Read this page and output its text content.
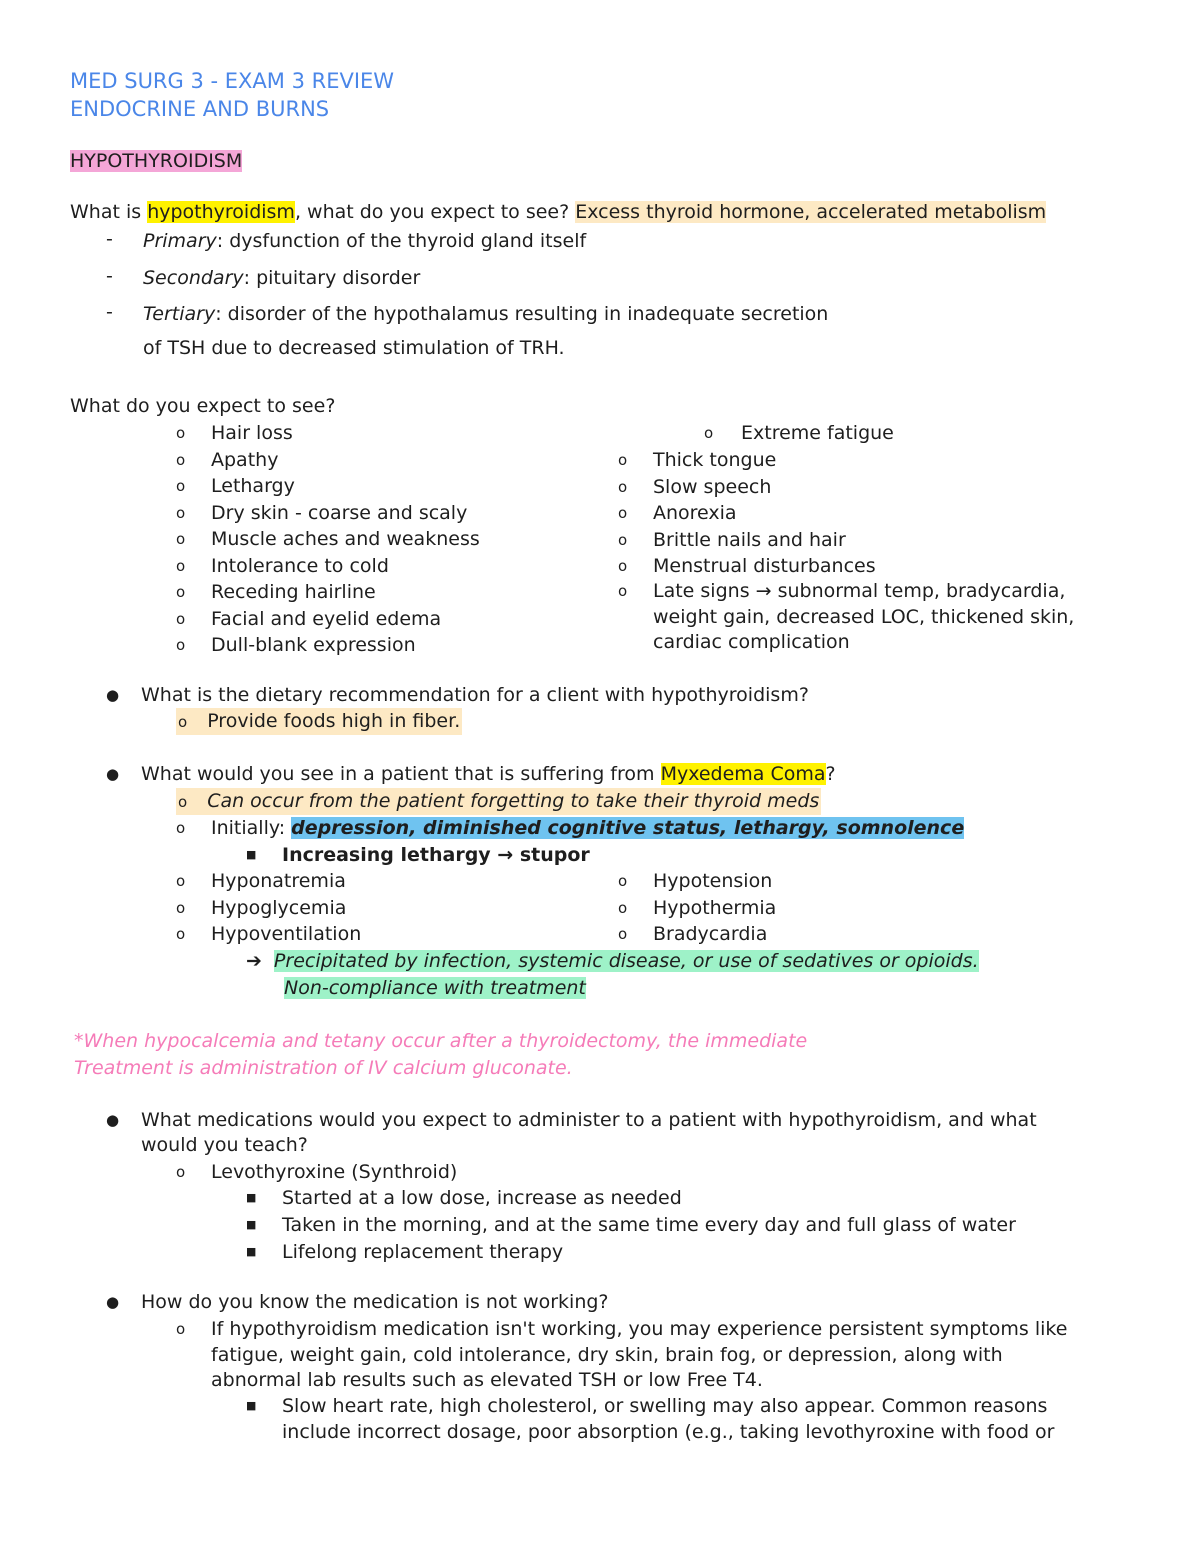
MED SURG 3 - EXAM 3 REVIEW
ENDOCRINE AND BURNS
HYPOTHYROIDISM
What is hypothyroidism, what do you expect to see? Excess thyroid hormone, accelerated metabolism
- Primary: dysfunction of the thyroid gland itself
- Secondary: pituitary disorder
- Tertiary: disorder of the hypothalamus resulting in inadequate secretion
of TSH due to decreased stimulation of TRH.
What do you expect to see?
o Hair loss
o Apathy
o Lethargy
o Dry skin - coarse and scaly
o Muscle aches and weakness
o Intolerance to cold
o Receding hairline
o Facial and eyelid edema
o Dull-blank expression
o Extreme fatigue
o Thick tongue
o Slow speech
o Anorexia
o Brittle nails and hair
o Menstrual disturbances
o Late signs → subnormal temp, bradycardia,
weight gain, decreased LOC, thickened skin,
cardiac complication
● What is the dietary recommendation for a client with hypothyroidism?
o Provide foods high in fiber.
● What would you see in a patient that is suffering from Myxedema Coma?
o Can occur from the patient forgetting to take their thyroid meds
o Initially: depression, diminished cognitive status, lethargy, somnolence
■ Increasing lethargy → stupor
o Hyponatremia
o Hypoglycemia
o Hypoventilation
o Hypotension
o Hypothermia
o Bradycardia
➔ Precipitated by infection, systemic disease, or use of sedatives or opioids.
Non-compliance with treatment
*When hypocalcemia and tetany occur after a thyroidectomy, the immediate
Treatment is administration of IV calcium gluconate.
● What medications would you expect to administer to a patient with hypothyroidism, and what
would you teach?
o Levothyroxine (Synthroid)
■ Started at a low dose, increase as needed
■ Taken in the morning, and at the same time every day and full glass of water
■ Lifelong replacement therapy
● How do you know the medication is not working?
o If hypothyroidism medication isn't working, you may experience persistent symptoms like
fatigue, weight gain, cold intolerance, dry skin, brain fog, or depression, along with
abnormal lab results such as elevated TSH or low Free T4.
■ Slow heart rate, high cholesterol, or swelling may also appear. Common reasons
include incorrect dosage, poor absorption (e.g., taking levothyroxine with food or
